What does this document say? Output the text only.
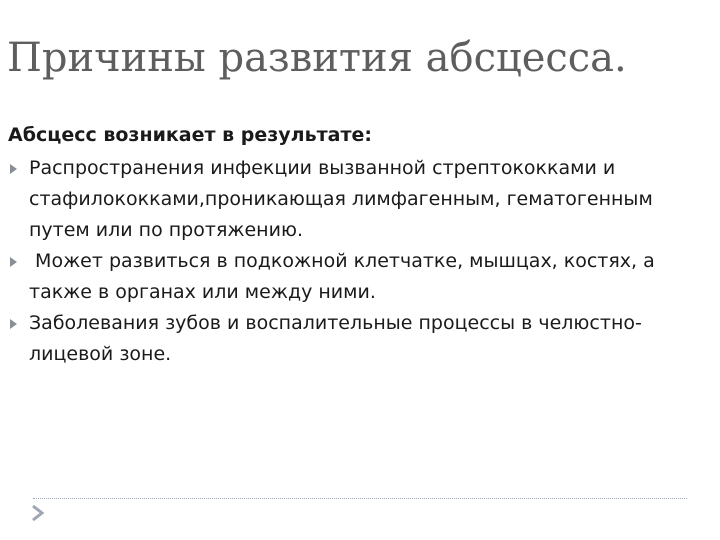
Причины развития абсцесса.
Абсцесс возникает в результате:
Распространения инфекции вызванной стрептококками и стафилококками,проникающая лимфагенным, гематогенным путем или по протяжению.
Может развиться в подкожной клетчатке, мышцах, костях, а также в органах или между ними.
Заболевания зубов и воспалительные процессы в челюстно-лицевой зоне.
